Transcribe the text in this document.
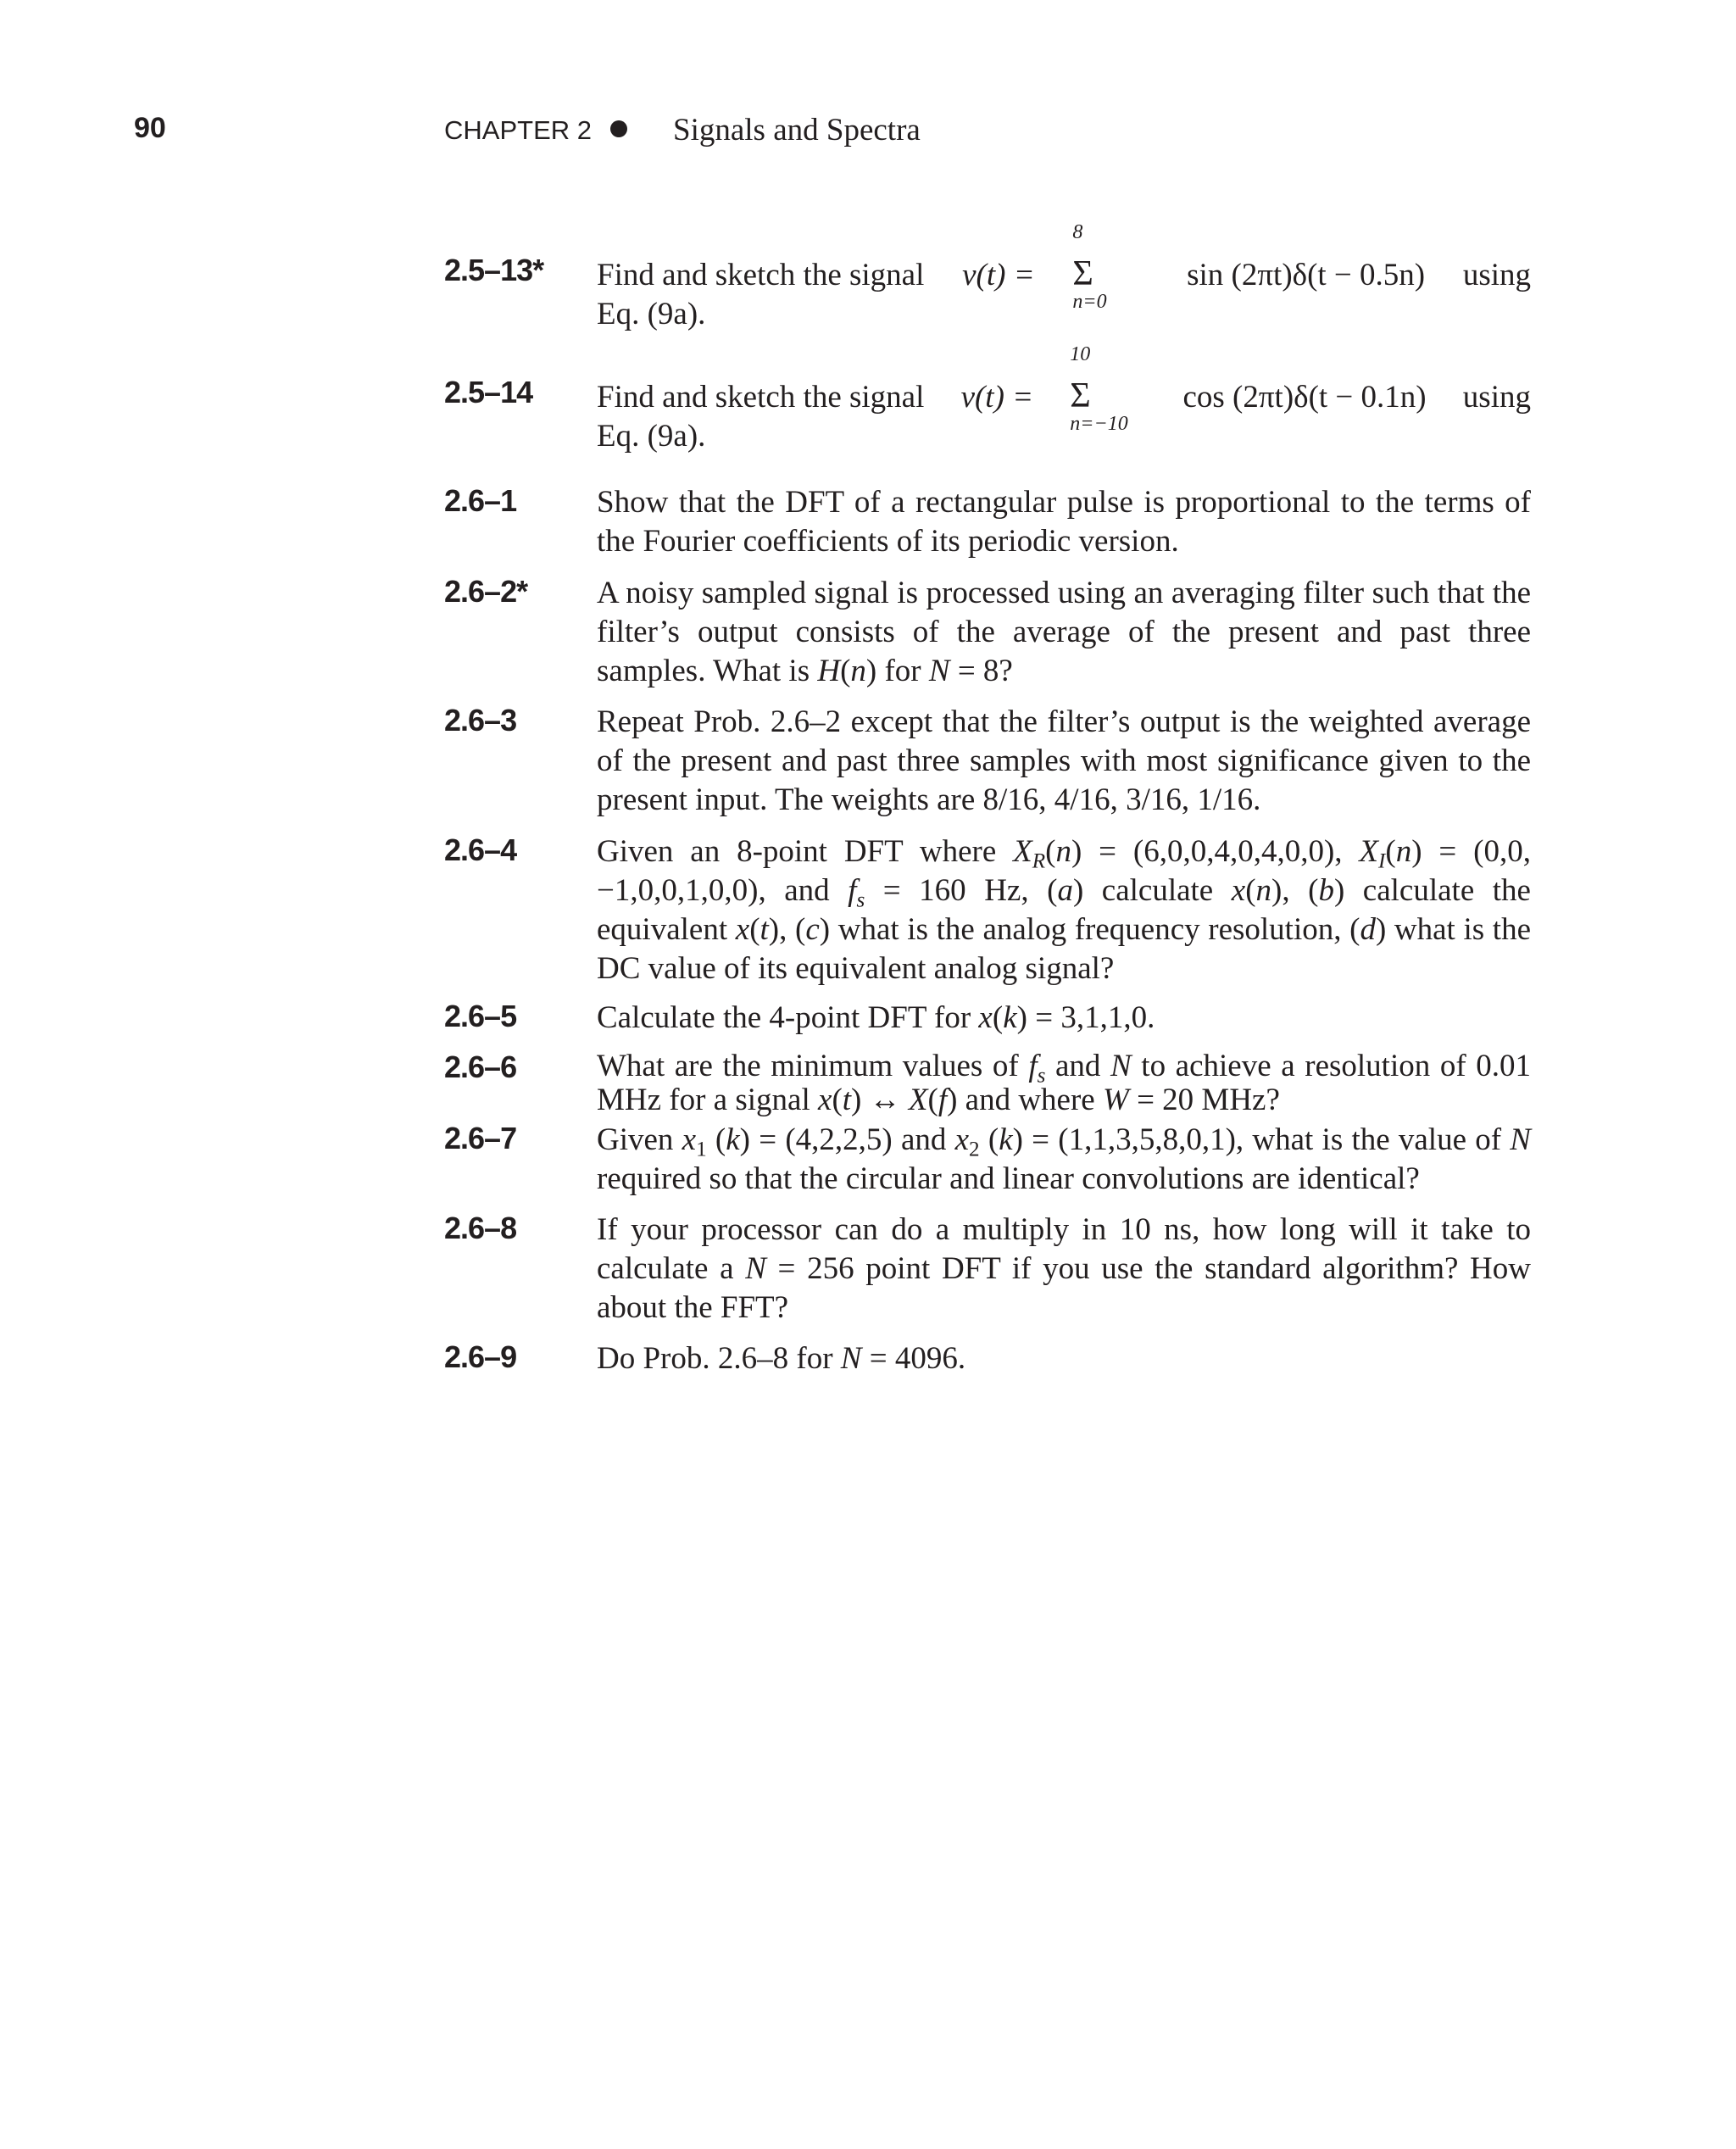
90	CHAPTER 2	Signals and Spectra
2.5–13* Find and sketch the signal v(t) =
8
Σ
n=0
sin (2πt)δ(t − 0.5n) using
Eq. (9a).
2.5–14 Find and sketch the signal v(t) =
10
Σ
n=−10
cos (2πt)δ(t − 0.1n) using
Eq. (9a).
2.6–1	Show that the DFT of a rectangular pulse is proportional to the terms of the Fourier coefficients of its periodic version.
2.6–2* A noisy sampled signal is processed using an averaging filter such that the filter’s output consists of the average of the present and past three samples. What is H(n) for N = 8?
2.6–3	Repeat Prob. 2.6–2 except that the filter’s output is the weighted average of the present and past three samples with most significance given to the present input. The weights are 8/16, 4/16, 3/16, 1/16.
2.6–4	Given an 8-point DFT where $X_R(n) = (6,0,0,4,0,4,0,0)$, $X_I(n) = (0,0$, −1,0,0,1,0,0), and $f_s = 160$ Hz, (a) calculate x(n), (b) calculate the equivalent x(t), (c) what is the analog frequency resolution, (d) what is the DC value of its equivalent analog signal?
2.6–5	Calculate the 4-point DFT for x(k) = 3,1,1,0.
2.6–6	What are the minimum values of $f_s$ and N to achieve a resolution of 0.01 MHz for a signal x(t) ↔ X(f) and where W = 20 MHz?
2.6–7	Given $x_1$ (k) = (4,2,2,5) and $x_2$ (k) = (1,1,3,5,8,0,1), what is the value of N required so that the circular and linear convolutions are identical?
2.6–8	If your processor can do a multiply in 10 ns, how long will it take to calculate a N = 256 point DFT if you use the standard algorithm? How about the FFT?
2.6–9	Do Prob. 2.6–8 for N = 4096.
